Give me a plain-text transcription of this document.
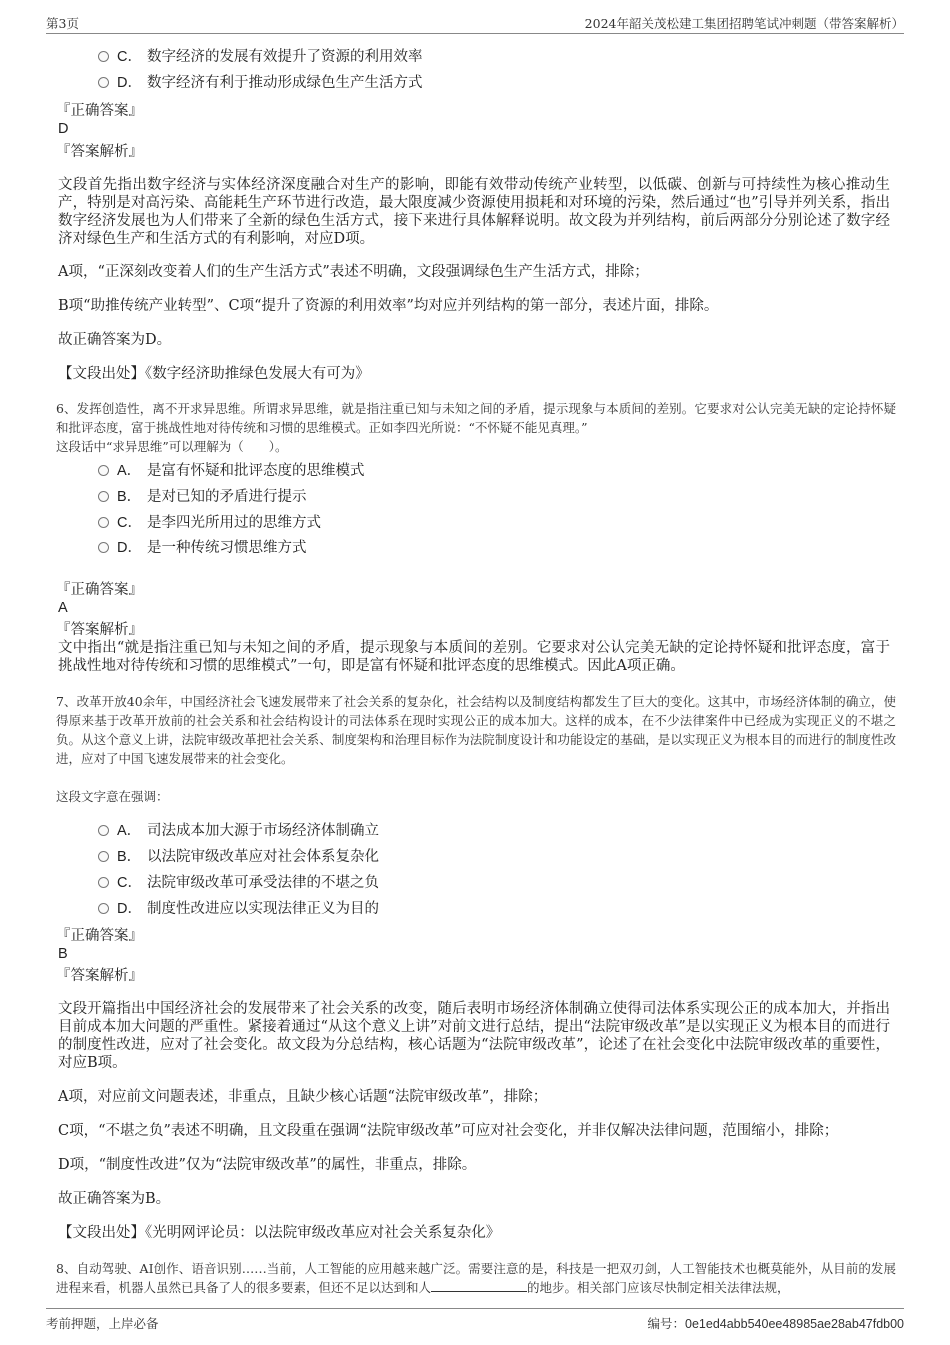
第3页	2024年韶关茂松建工集团招聘笔试冲刺题（带答案解析）
C． 数字经济的发展有效提升了资源的利用效率
D． 数字经济有利于推动形成绿色生产生活方式
『正确答案』
D
『答案解析』
文段首先指出数字经济与实体经济深度融合对生产的影响，即能有效带动传统产业转型，以低碳、创新与可持续性为核心推动生产，特别是对高污染、高能耗生产环节进行改造，最大限度减少资源使用损耗和对环境的污染，然后通过“也”引导并列关系，指出数字经济发展也为人们带来了全新的绿色生活方式，接下来进行具体解释说明。故文段为并列结构，前后两部分分别论述了数字经济对绿色生产和生活方式的有利影响，对应D项。
A项，“正深刻改变着人们的生产生活方式”表述不明确，文段强调绿色生产生活方式，排除；
B项“助推传统产业转型”、C项“提升了资源的利用效率”均对应并列结构的第一部分，表述片面，排除。
故正确答案为D。
【文段出处】《数字经济助推绿色发展大有可为》
6、发挥创造性，离不开求异思维。所谓求异思维，就是指注重已知与未知之间的矛盾，提示现象与本质间的差别。它要求对公认完美无缺的定论持怀疑和批评态度，富于挑战性地对待传统和习惯的思维模式。正如李四光所说：“不怀疑不能见真理。”
这段话中“求异思维”可以理解为（　　）。
A． 是富有怀疑和批评态度的思维模式
B． 是对已知的矛盾进行提示
C． 是李四光所用过的思维方式
D． 是一种传统习惯思维方式
『正确答案』
A
『答案解析』
文中指出“就是指注重已知与未知之间的矛盾，提示现象与本质间的差别。它要求对公认完美无缺的定论持怀疑和批评态度，富于挑战性地对待传统和习惯的思维模式”一句，即是富有怀疑和批评态度的思维模式。因此A项正确。
7、改革开放40余年，中国经济社会飞速发展带来了社会关系的复杂化，社会结构以及制度结构都发生了巨大的变化。这其中，市场经济体制的确立，使得原来基于改革开放前的社会关系和社会结构设计的司法体系在现时实现公正的成本加大。这样的成本，在不少法律案件中已经成为实现正义的不堪之负。从这个意义上讲，法院审级改革把社会关系、制度架构和治理目标作为法院制度设计和功能设定的基础，是以实现正义为根本目的而进行的制度性改进，应对了中国飞速发展带来的社会变化。
这段文字意在强调：
A． 司法成本加大源于市场经济体制确立
B． 以法院审级改革应对社会体系复杂化
C． 法院审级改革可承受法律的不堪之负
D． 制度性改进应以实现法律正义为目的
『正确答案』
B
『答案解析』
文段开篇指出中国经济社会的发展带来了社会关系的改变，随后表明市场经济体制确立使得司法体系实现公正的成本加大，并指出目前成本加大问题的严重性。紧接着通过“从这个意义上讲”对前文进行总结，提出“法院审级改革”是以实现正义为根本目的而进行的制度性改进，应对了社会变化。故文段为分总结构，核心话题为“法院审级改革”，论述了在社会变化中法院审级改革的重要性，对应B项。
A项，对应前文问题表述，非重点，且缺少核心话题“法院审级改革”，排除；
C项，“不堪之负”表述不明确，且文段重在强调“法院审级改革”可应对社会变化，并非仅解决法律问题，范围缩小，排除；
D项，“制度性改进”仅为“法院审级改革”的属性，非重点，排除。
故正确答案为B。
【文段出处】《光明网评论员：以法院审级改革应对社会关系复杂化》
8、自动驾驶、AI创作、语音识别……当前，人工智能的应用越来越广泛。需要注意的是，科技是一把双刃剑，人工智能技术也概莫能外，从目前的发展进程来看，机器人虽然已具备了人的很多要素，但还不足以达到和人	的地步。相关部门应该尽快制定相关法律法规，
考前押题，上岸必备	编号：0e1ed4abb540ee48985ae28ab47fdb00
